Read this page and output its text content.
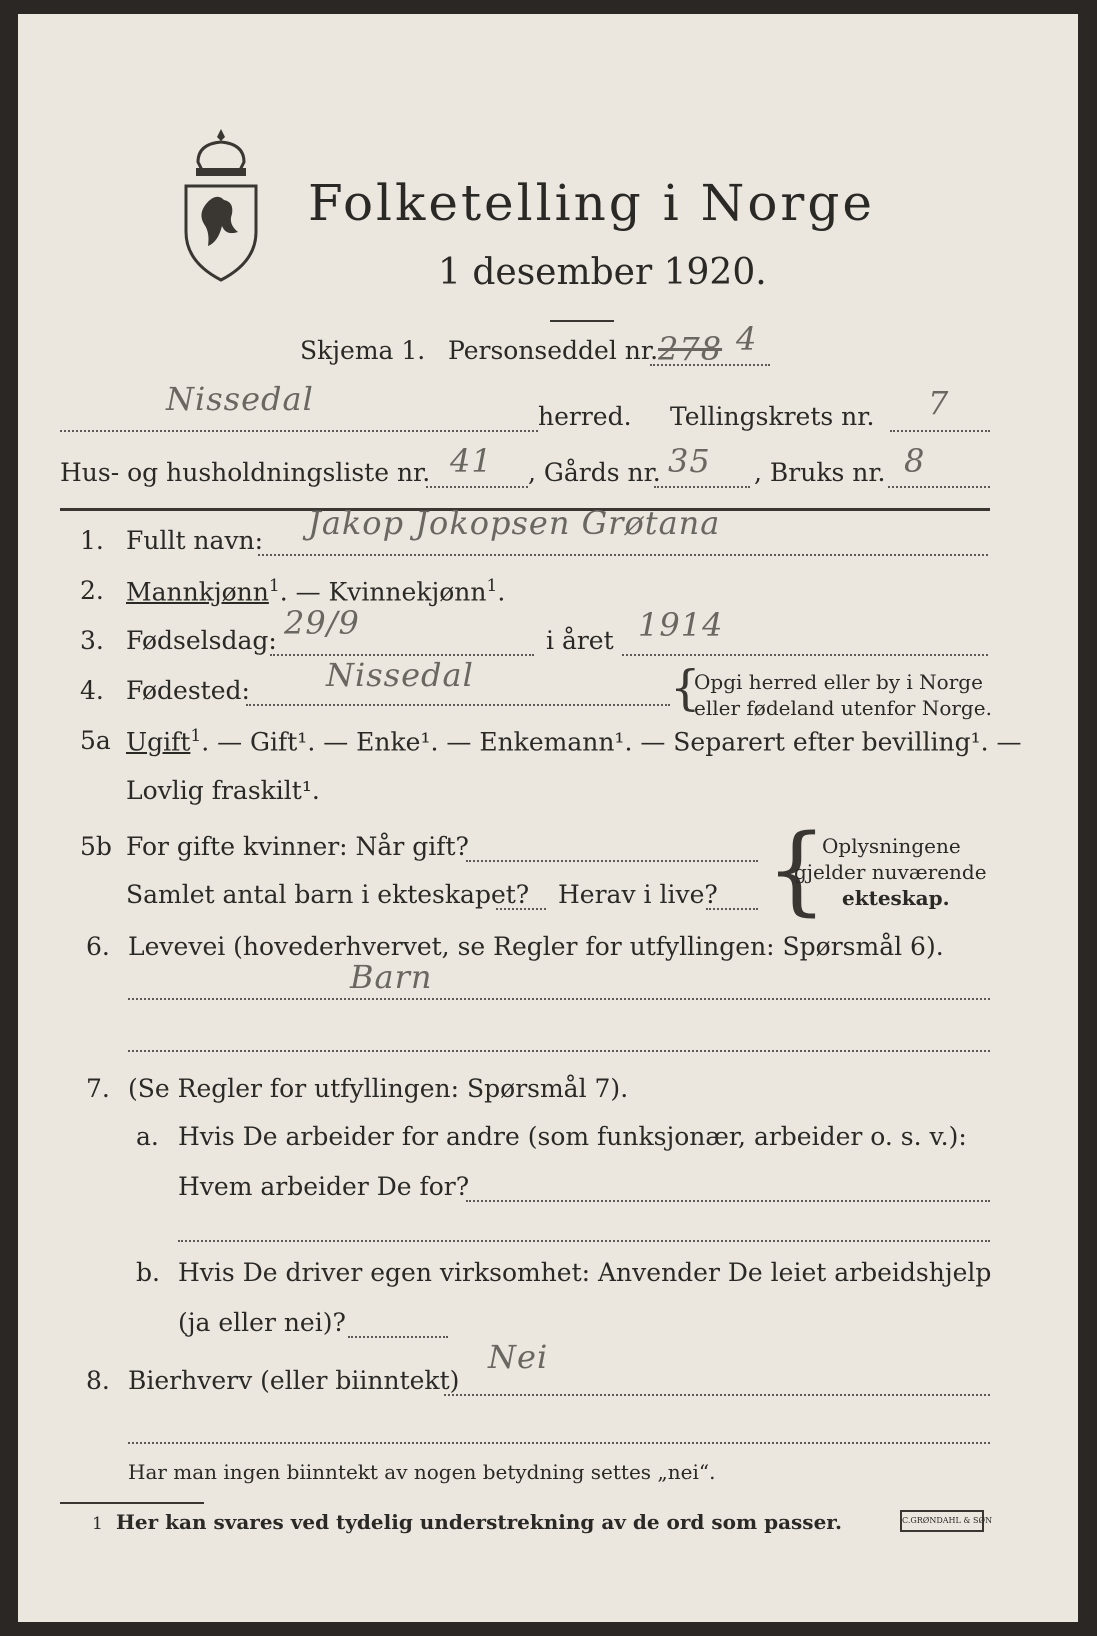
Folketelling i Norge
1 desember 1920.
Skjema 1. Personseddel nr. 278 4
Nissedal	herred. Tellingskrets nr. 7
Hus- og husholdningsliste nr. 41 , Gårds nr. 35 , Bruks nr. 8
1. Fullt navn: Jakop Jokopsen Grøtana
2. Mannkjønn$^1$. — Kvinnekjønn$^1$.
3. Fødselsdag: 29/9	i året 1914
4. Fødested: Nissedal	{
Opgi herred eller by i Norge
eller fødeland utenfor Norge.
5a Ugift$^1$. — Gift¹. — Enke¹. — Enkemann¹. — Separert efter bevilling¹. —
Lovlig fraskilt¹.
5b For gifte kvinner: Når gift?
Samlet antal barn i ekteskapet? Herav i live? {
Oplysningene
gjelder nuværende
ekteskap.
6. Levevei (hovederhvervet, se Regler for utfyllingen: Spørsmål 6).
Barn
7. (Se Regler for utfyllingen: Spørsmål 7).
a. Hvis De arbeider for andre (som funksjonær, arbeider o. s. v.):
Hvem arbeider De for?
b. Hvis De driver egen virksomhet: Anvender De leiet arbeidshjelp
(ja eller nei)?
8. Bierhverv (eller biinntekt)
Nei
Har man ingen biinntekt av nogen betydning settes „nei“.
1 Her kan svares ved tydelig understrekning av de ord som passer.	C.GRØNDAHL & SØN
